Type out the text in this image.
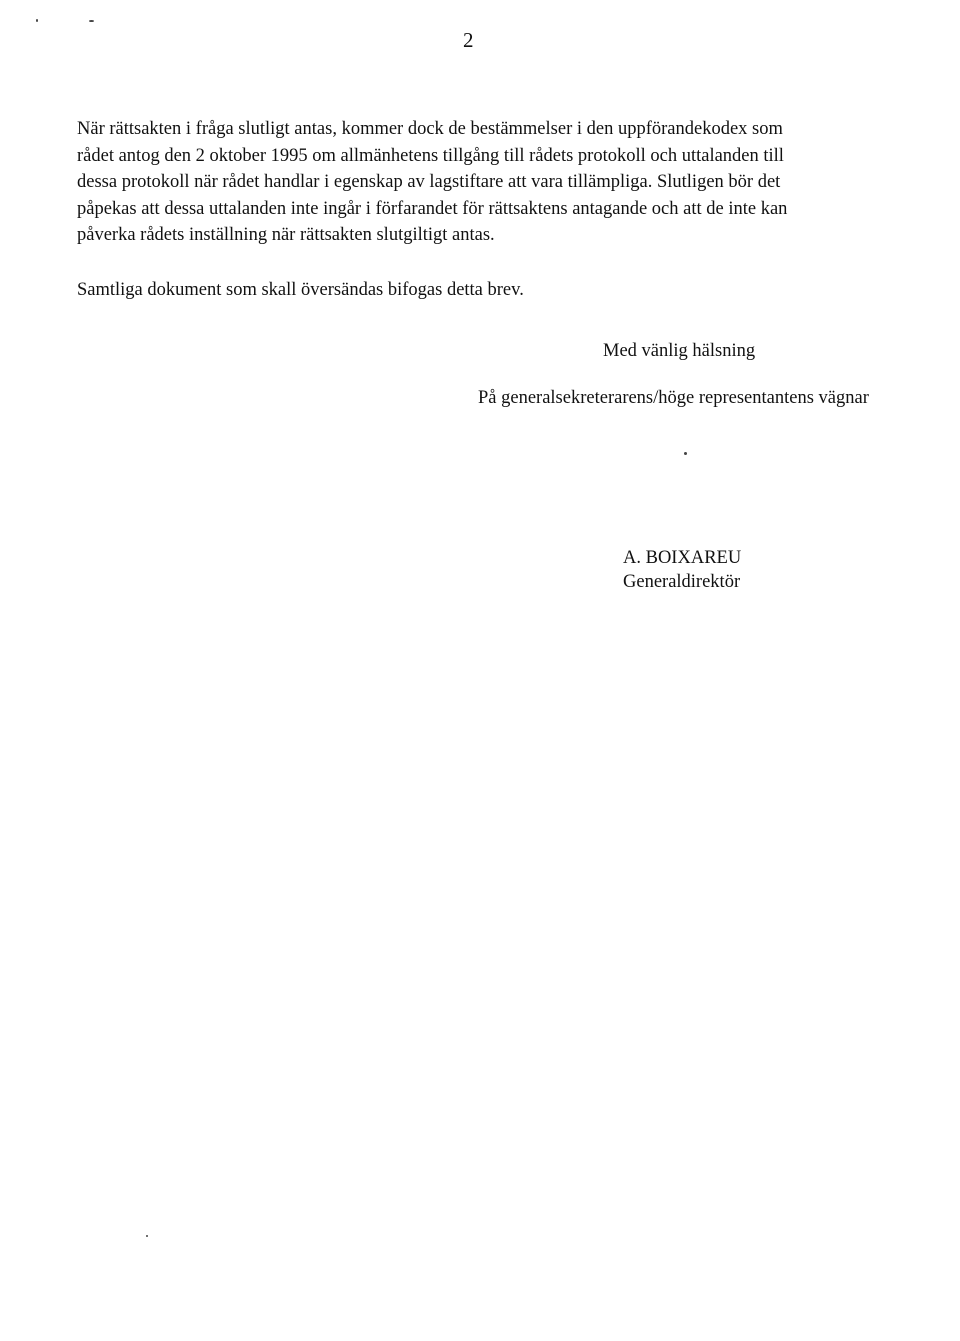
2

När rättsakten i fråga slutligt antas, kommer dock de bestämmelser i den uppförandekodex som
rådet antog den 2 oktober 1995 om allmänhetens tillgång till rådets protokoll och uttalanden till
dessa protokoll när rådet handlar i egenskap av lagstiftare att vara tillämpliga. Slutligen bör det
påpekas att dessa uttalanden inte ingår i förfarandet för rättsaktens antagande och att de inte kan
påverka rådets inställning när rättsakten slutgiltigt antas.

Samtliga dokument som skall översändas bifogas detta brev.

Med vänlig hälsning
På generalsekreterarens/höge representantens vägnar
A. BOIXAREU
Generaldirektör
